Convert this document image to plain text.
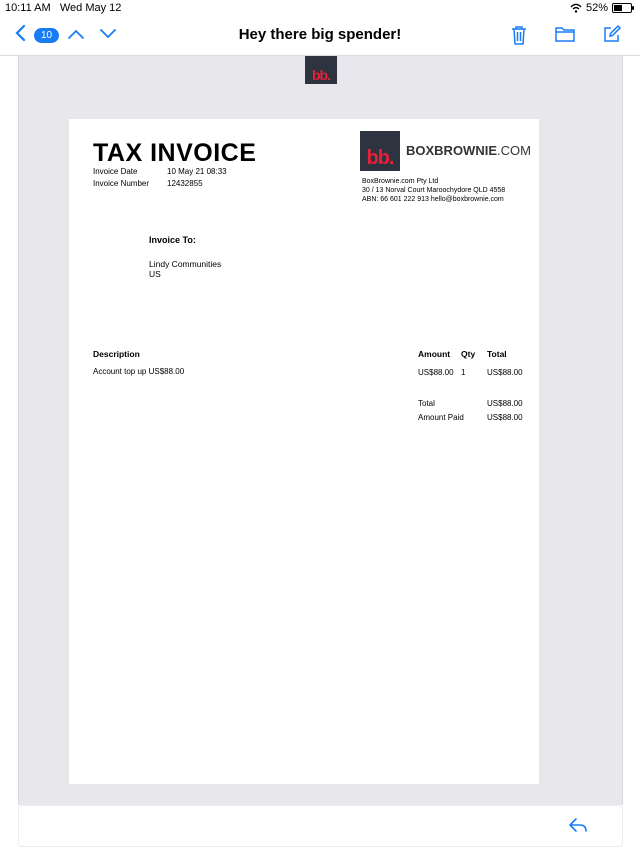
10:11 AM Wed May 12	52%
10	Hey there big spender!
bb.
TAX INVOICE
Invoice Date	10 May 21 08:33
Invoice Number 12432855
bb. BOXBROWNIE.COM
BoxBrownie.com Pty Ltd
30 / 13 Norval Court Maroochydore QLD 4558
ABN: 66 601 222 913 hello@boxbrownie.com
Invoice To:
Lindy Communities
US
Description	Amount Qty Total
Account top up US$88.00	US$88.00 1	US$88.00
Total	US$88.00
Amount Paid	US$88.00
